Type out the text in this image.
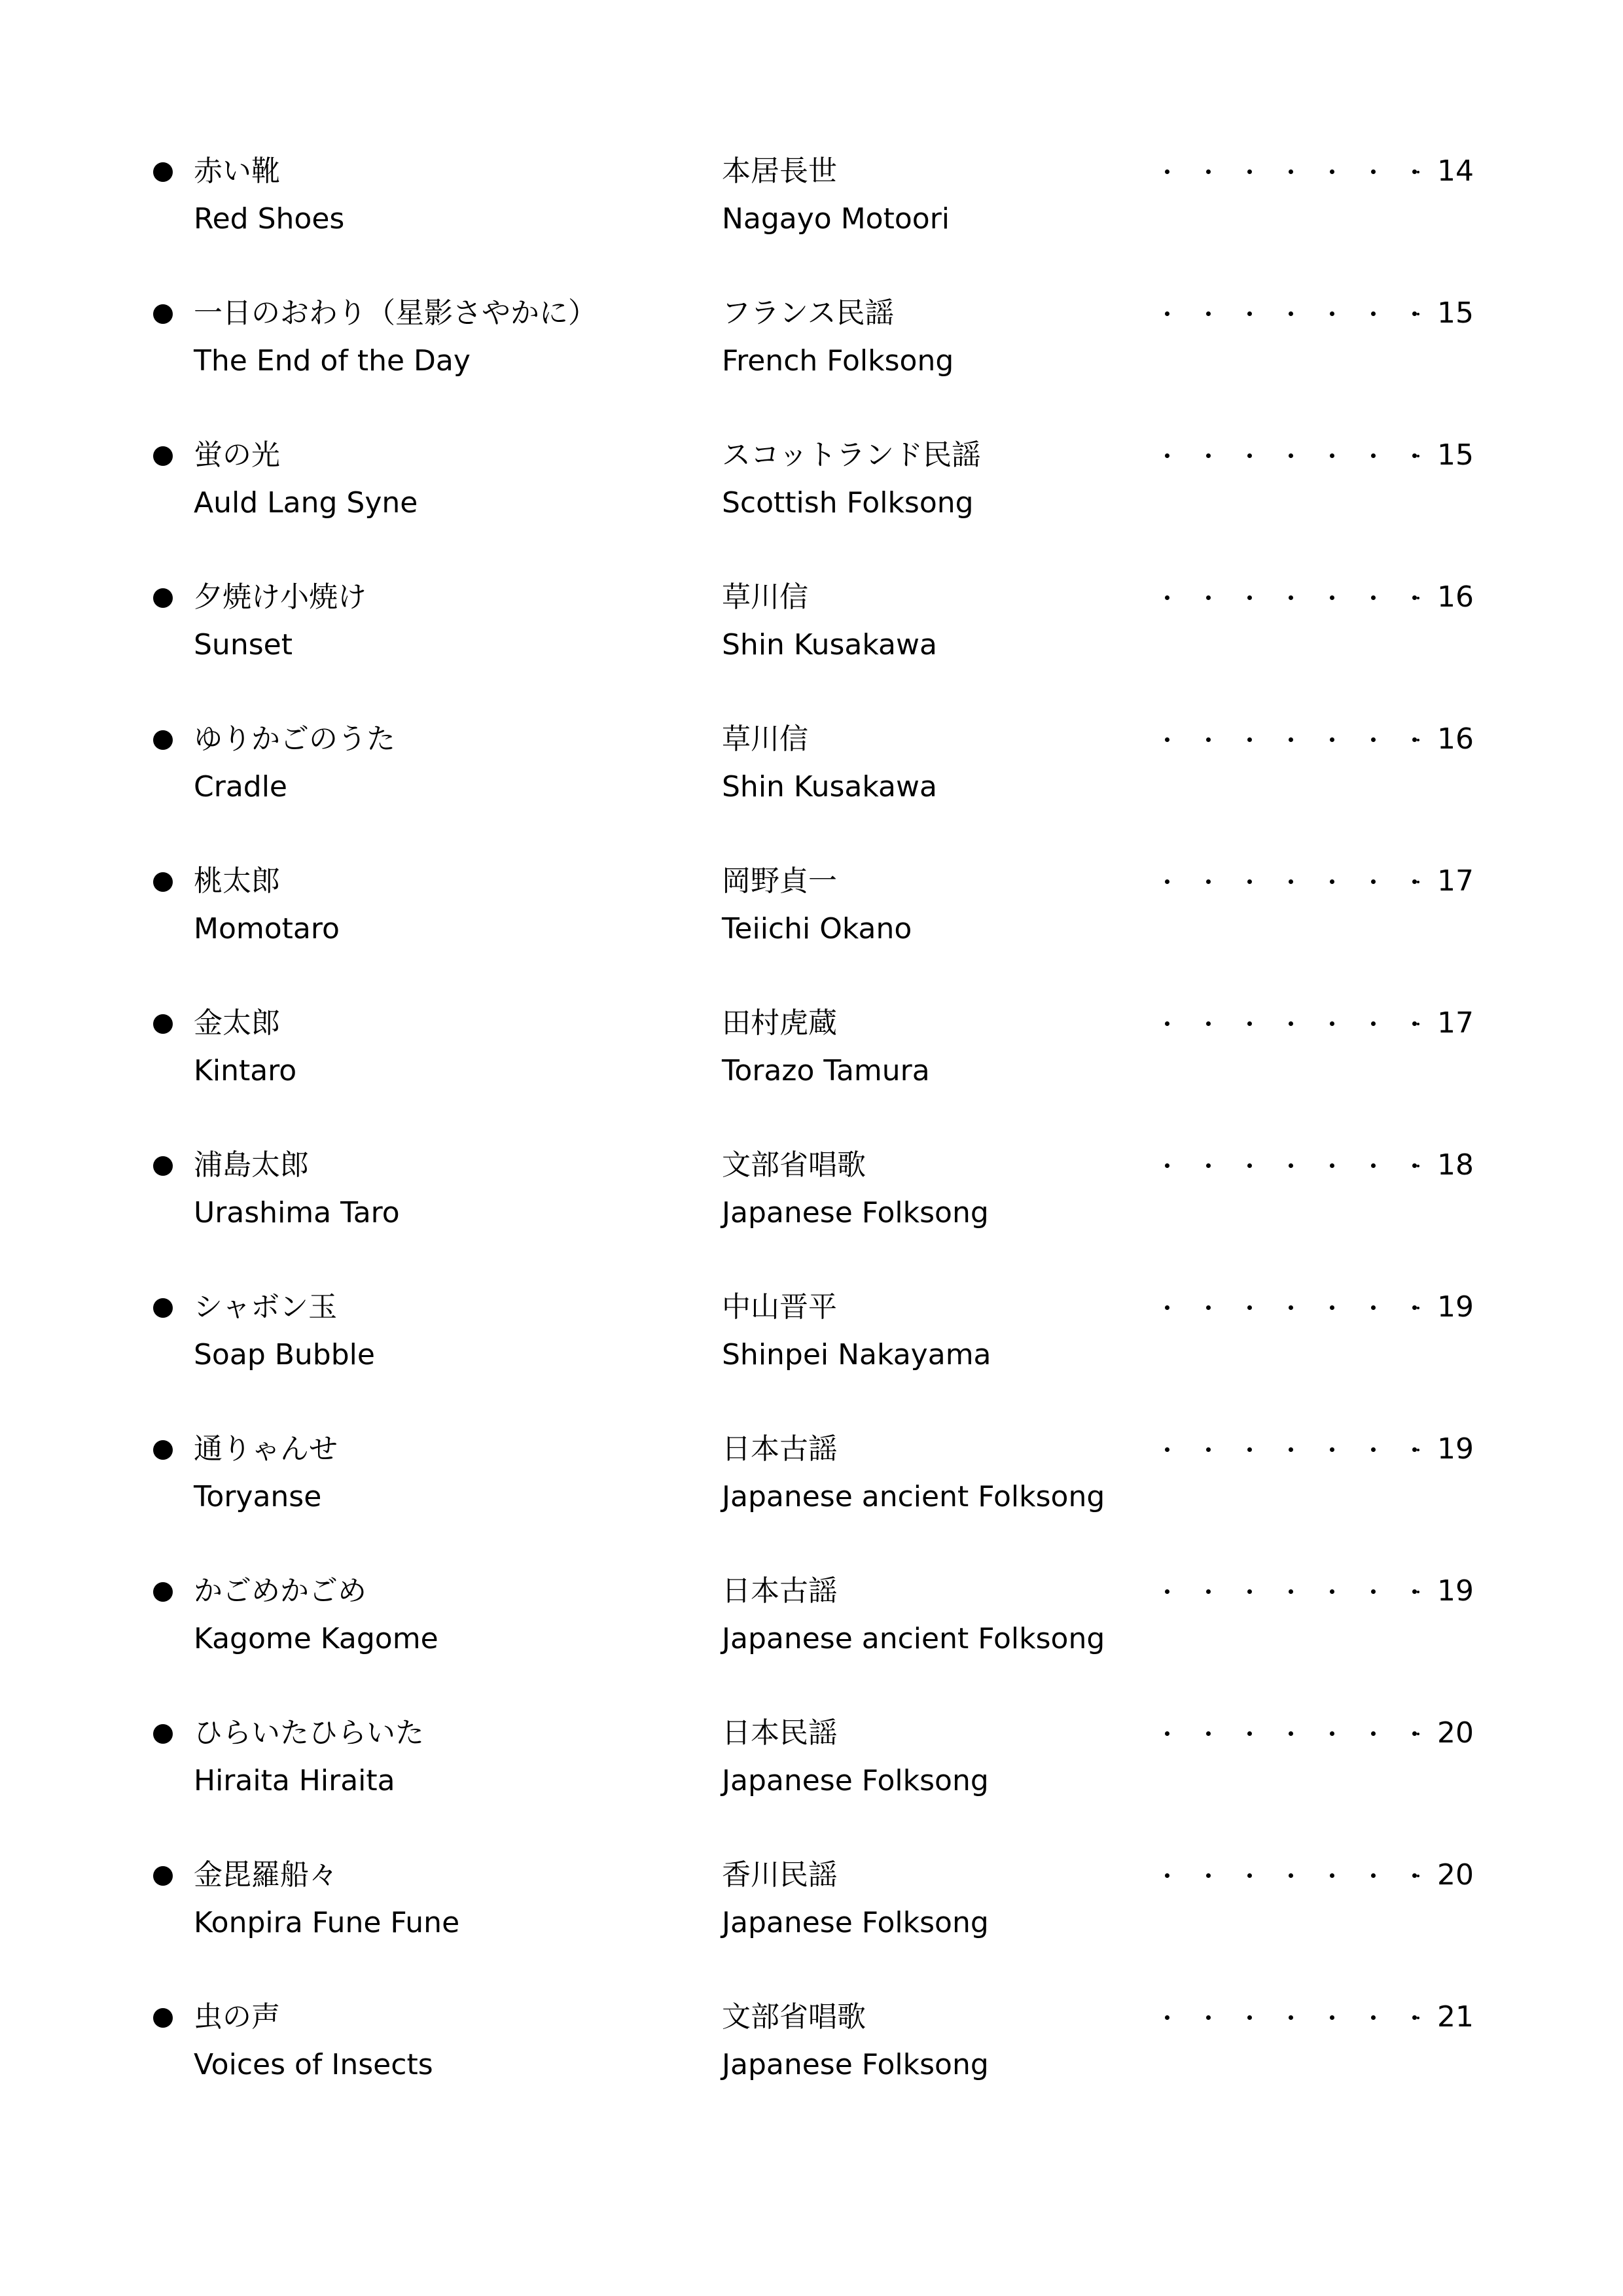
赤い靴
Red Shoes
本居長世
Nagayo Motoori
14
一日のおわり（星影さやかに）
The End of the Day
フランス民謡
French Folksong
15
蛍の光
Auld Lang Syne
スコットランド民謡
Scottish Folksong
15
夕焼け小焼け
Sunset
草川信
Shin Kusakawa
16
ゆりかごのうた
Cradle
草川信
Shin Kusakawa
16
桃太郎
Momotaro
岡野貞一
Teiichi Okano
17
金太郎
Kintaro
田村虎蔵
Torazo Tamura
17
浦島太郎
Urashima Taro
文部省唱歌
Japanese Folksong
18
シャボン玉
Soap Bubble
中山晋平
Shinpei Nakayama
19
通りゃんせ
Toryanse
日本古謡
Japanese ancient Folksong
19
かごめかごめ
Kagome Kagome
日本古謡
Japanese ancient Folksong
19
ひらいたひらいた
Hiraita Hiraita
日本民謡
Japanese Folksong
20
金毘羅船々
Konpira Fune Fune
香川民謡
Japanese Folksong
20
虫の声
Voices of Insects
文部省唱歌
Japanese Folksong
21
